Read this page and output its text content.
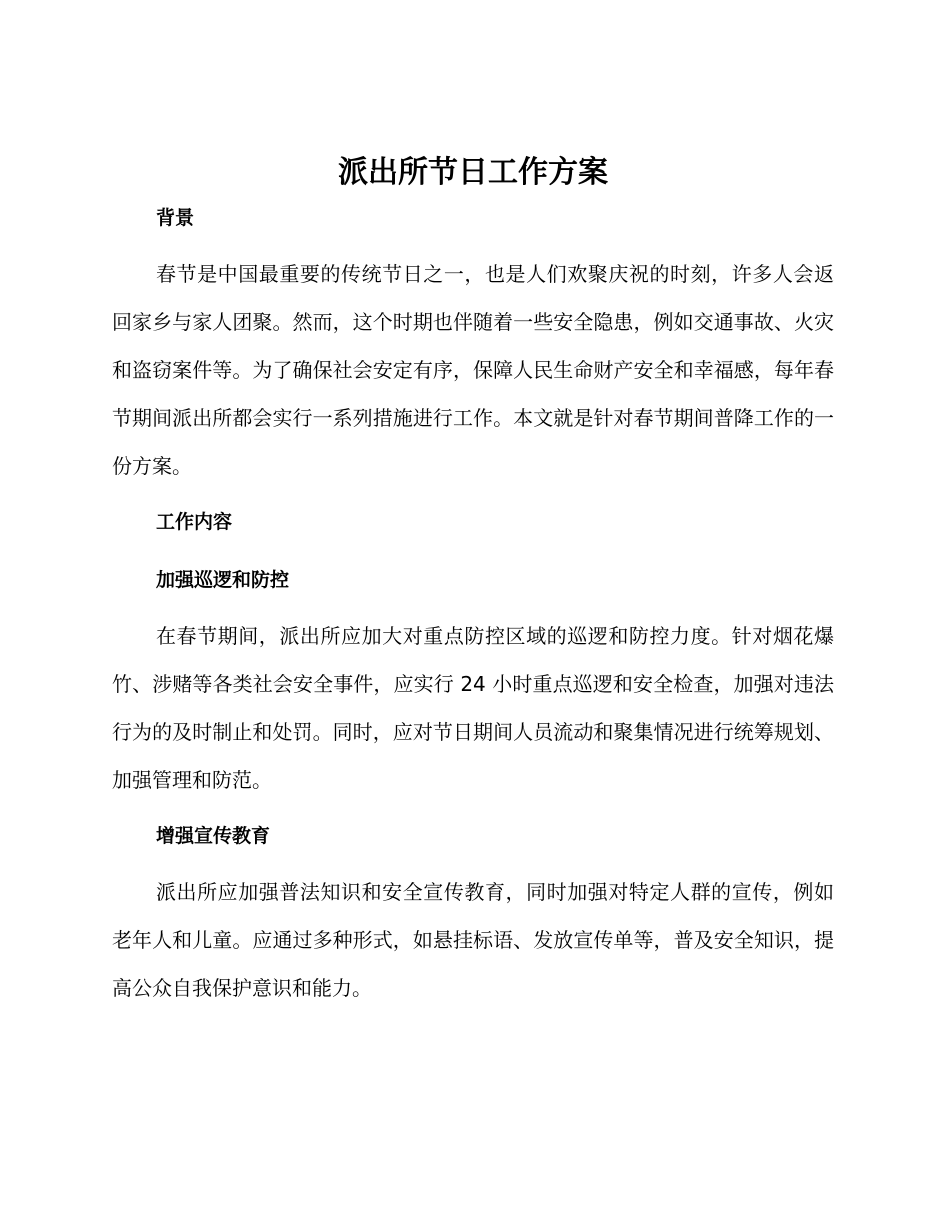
派出所节日工作方案
背景

春节是中国最重要的传统节日之一，也是人们欢聚庆祝的时刻，许多人会返回家乡与家人团聚。然而，这个时期也伴随着一些安全隐患，例如交通事故、火灾和盗窃案件等。为了确保社会安定有序，保障人民生命财产安全和幸福感，每年春节期间派出所都会实行一系列措施进行工作。本文就是针对春节期间普降工作的一份方案。

工作内容
加强巡逻和防控

在春节期间，派出所应加大对重点防控区域的巡逻和防控力度。针对烟花爆竹、涉赌等各类社会安全事件，应实行 24 小时重点巡逻和安全检查，加强对违法行为的及时制止和处罚。同时，应对节日期间人员流动和聚集情况进行统筹规划、加强管理和防范。

增强宣传教育

派出所应加强普法知识和安全宣传教育，同时加强对特定人群的宣传，例如老年人和儿童。应通过多种形式，如悬挂标语、发放宣传单等，普及安全知识，提高公众自我保护意识和能力。
